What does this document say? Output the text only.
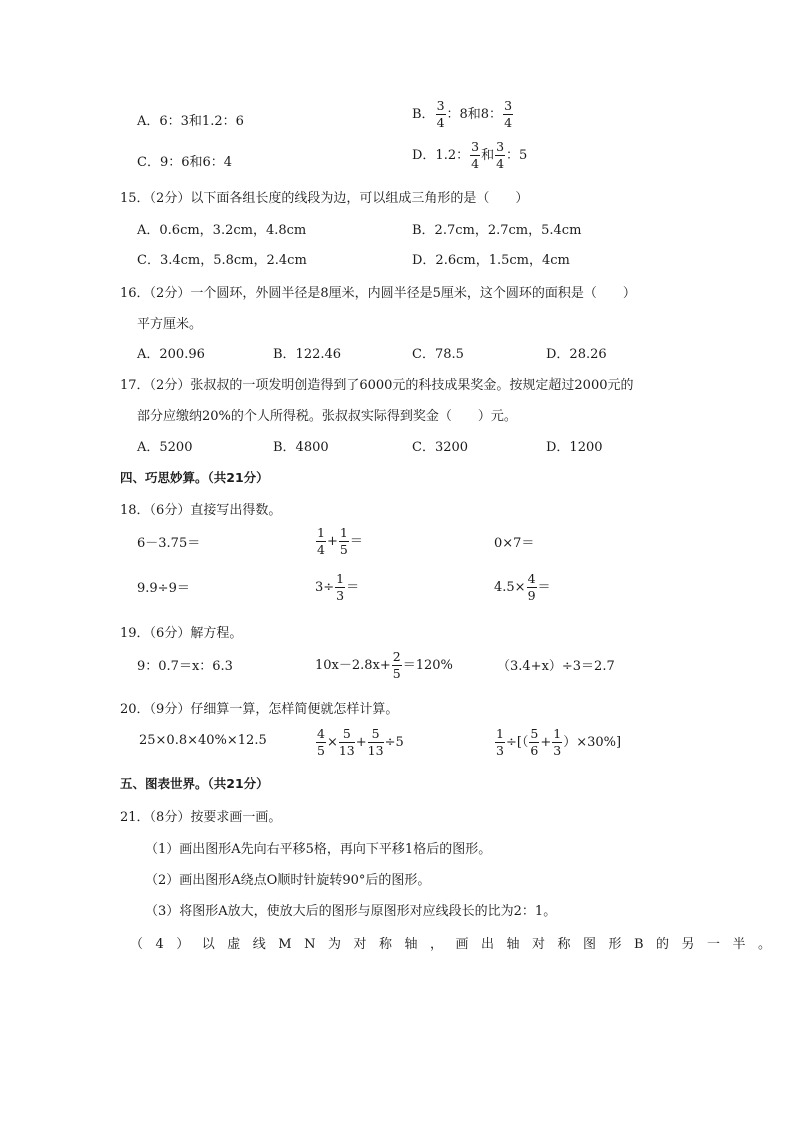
A．6：3和1.2：6	B． $\frac{3}{4}$ ：8和8： $\frac{3}{4}$
C．9：6和6：4	D．1.2： $\frac{3}{4}$ 和 $\frac{3}{4}$ ：5
15．（2分）以下面各组长度的线段为边，可以组成三角形的是（　　）
A．0.6cm，3.2cm，4.8cm	B．2.7cm，2.7cm，5.4cm
C．3.4cm，5.8cm，2.4cm	D．2.6cm，1.5cm，4cm
16．（2分）一个圆环，外圆半径是8厘米，内圆半径是5厘米，这个圆环的面积是（　　）
平方厘米。
A．200.96	B．122.46	C．78.5	D．28.26
17．（2分）张叔叔的一项发明创造得到了6000元的科技成果奖金。按规定超过2000元的
部分应缴纳20%的个人所得税。张叔叔实际得到奖金（　　）元。
A．5200	B．4800	C．3200	D．1200
四、巧思妙算。（共21分）
18．（6分）直接写出得数。
6－3.75＝	$\frac{1}{4} + \frac{1}{5}$ ＝	0×7＝
9.9÷9＝	$3\div \frac{1}{3}$ ＝	$4.5\times \frac{4}{9}$ ＝
19．（6分）解方程。
9：0.7＝x：6.3	$10x-2.8x+ \frac{2}{5} =120\%$	（3.4+x）÷3＝2.7
20．（9分）仔细算一算，怎样简便就怎样计算。
25×0.8×40%×12.5	$\frac{4}{5} \times \frac{5}{13} + \frac{5}{13} \div 5$	$\frac{1}{3}$ ÷[（ $\frac{5}{6} + \frac{1}{3} )\times 30\%$]
五、图表世界。（共21分）
21．（8分）按要求画一画。
（1）画出图形A先向右平移5格，再向下平移1格后的图形。
（2）画出图形A绕点O顺时针旋转90°后的图形。
（3）将图形A放大，使放大后的图形与原图形对应线段长的比为2：1。
（4）以虚线MN为对称轴，画出轴对称图形B的另一半。
